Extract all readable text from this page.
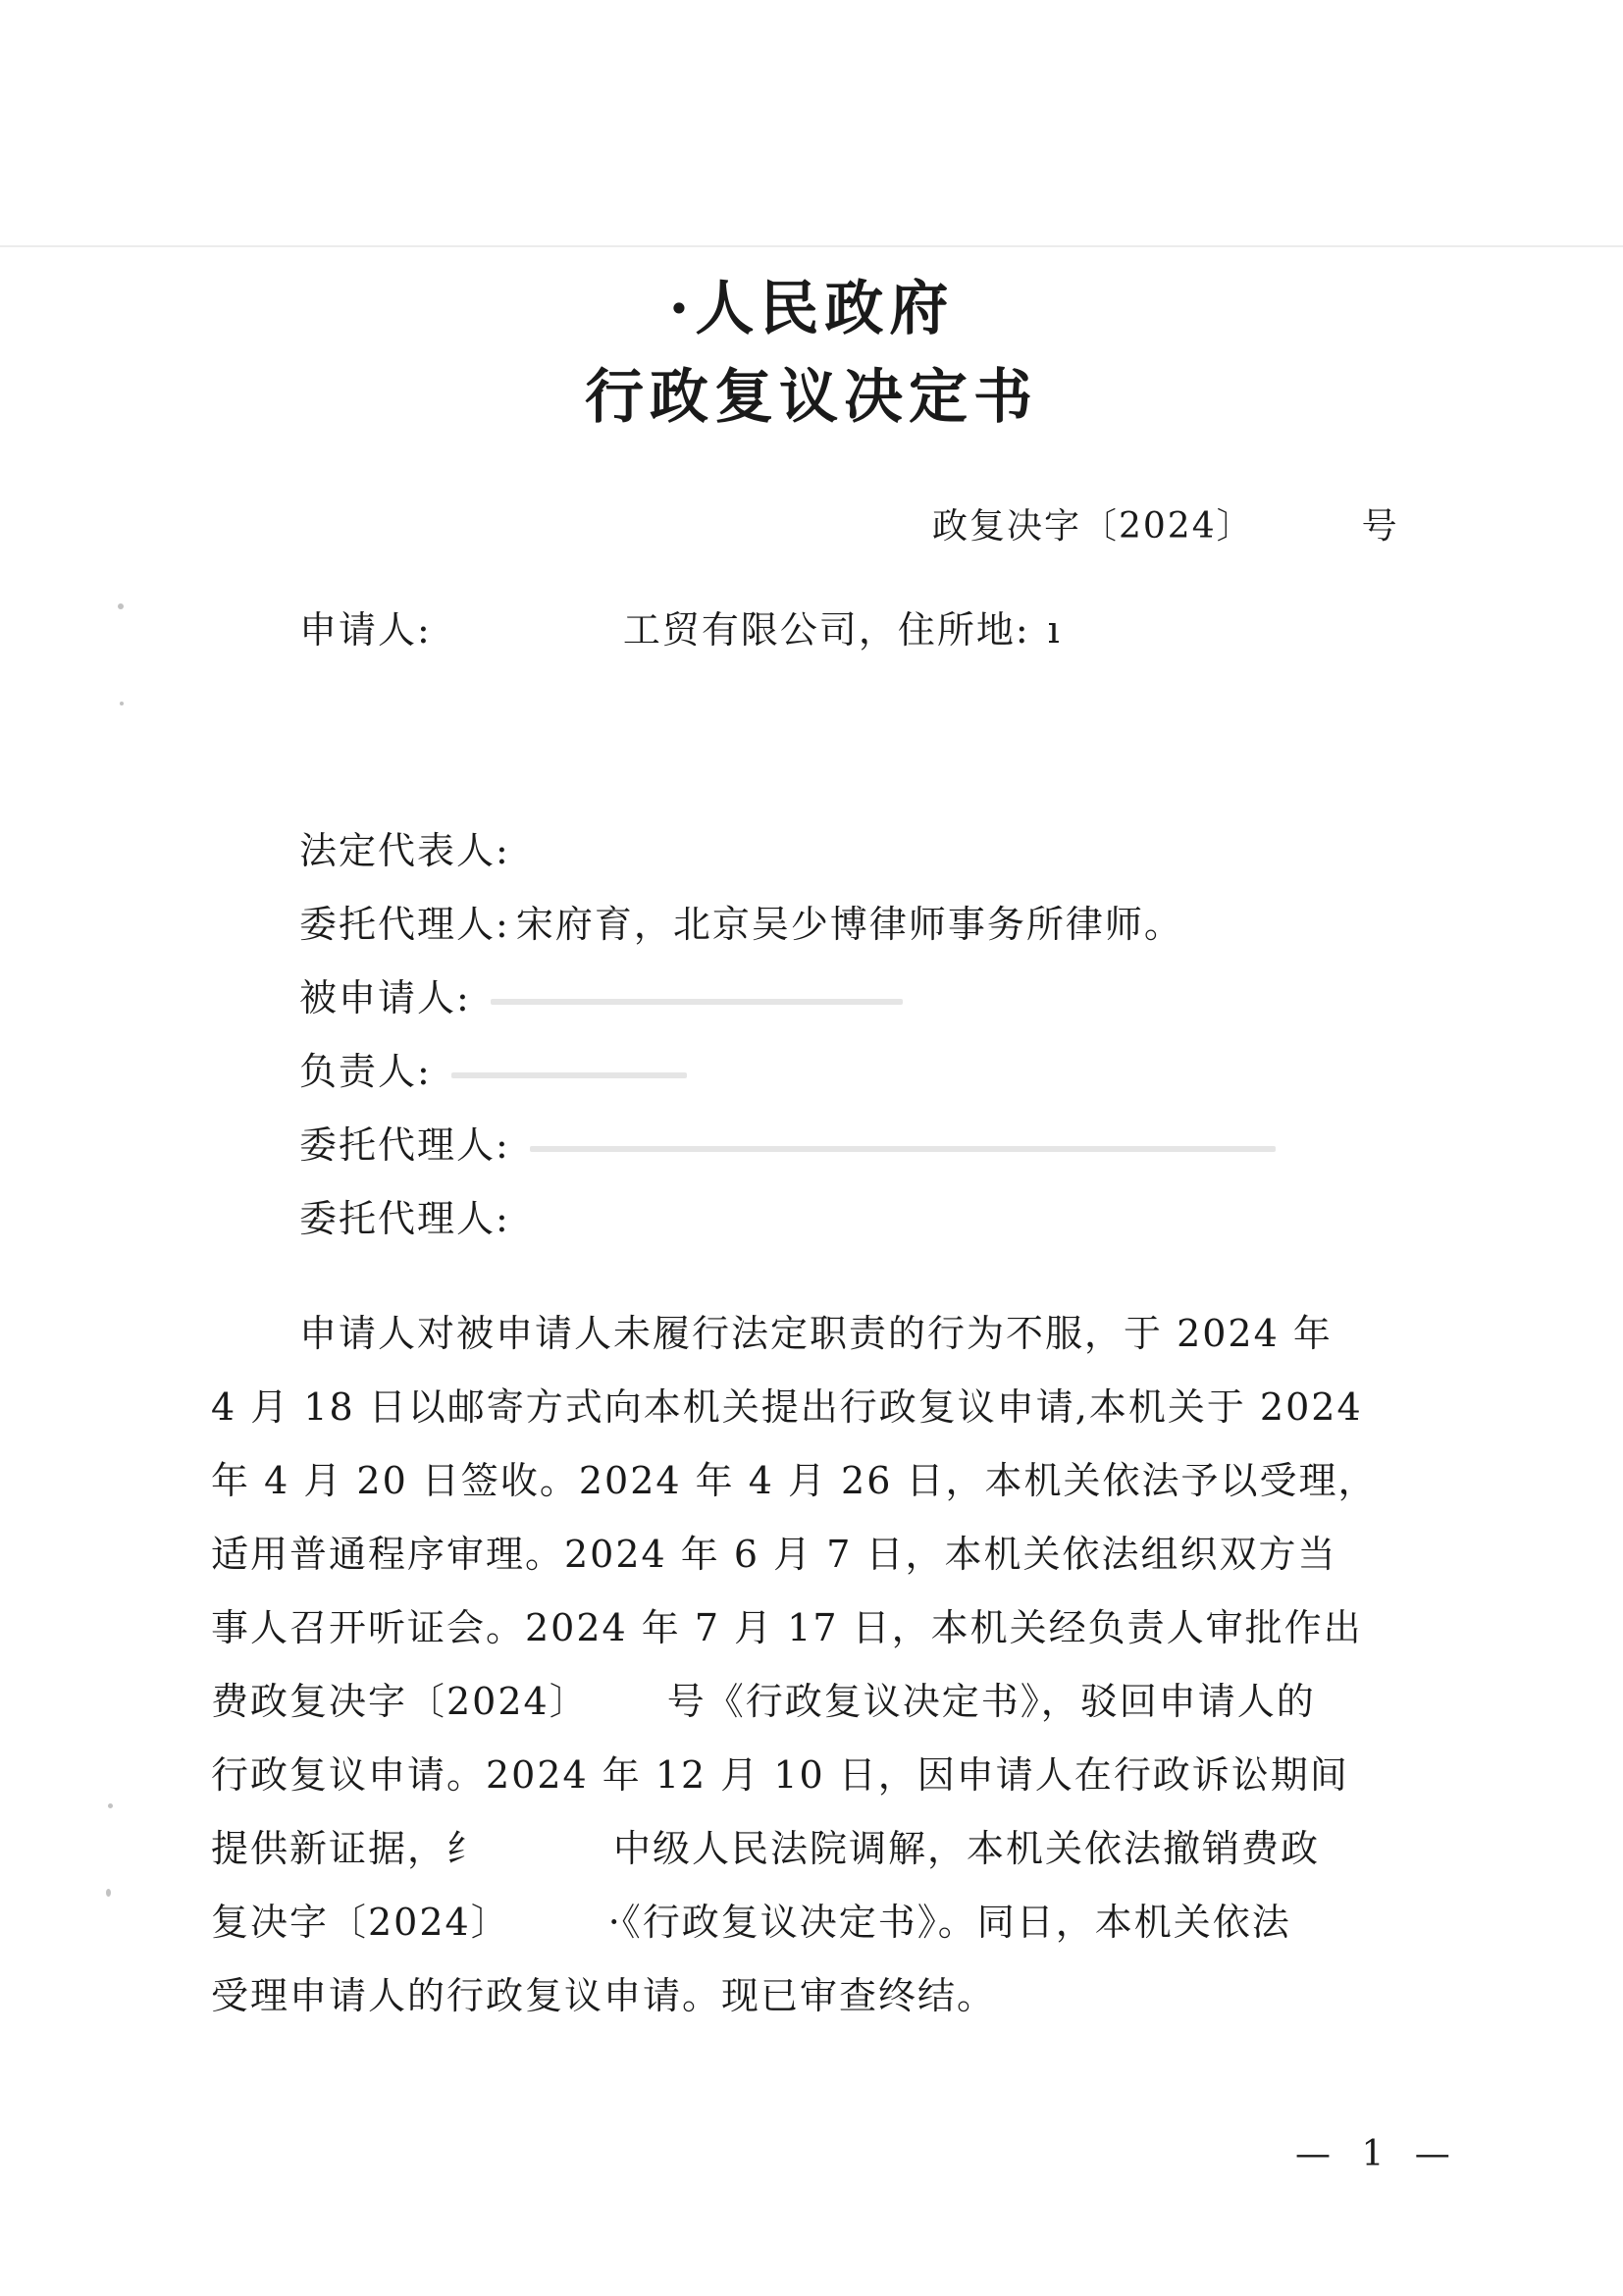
·人民政府
行政复议决定书
政复决字〔2024〕	号
申请人:	工贸有限公司，住所地: ı
法定代表人:
委托代理人: 宋府育，北京吴少博律师事务所律师。
被申请人:
负责人:
委托代理人:
委托代理人:
申请人对被申请人未履行法定职责的行为不服，于 2024 年
4 月 18 日以邮寄方式向本机关提出行政复议申请,本机关于 2024
年 4 月 20 日签收。2024 年 4 月 26 日，本机关依法予以受理，
适用普通程序审理。2024 年 6 月 7 日，本机关依法组织双方当
事人召开听证会。2024 年 7 月 17 日，本机关经负责人审批作出
费政复决字〔2024〕 号《行政复议决定书》，驳回申请人的
行政复议申请。2024 年 12 月 10 日，因申请人在行政诉讼期间
提供新证据，纟	中级人民法院调解，本机关依法撤销费政
复决字〔2024〕	·《行政复议决定书》。同日，本机关依法
受理申请人的行政复议申请。现已审查终结。
— 1 —
